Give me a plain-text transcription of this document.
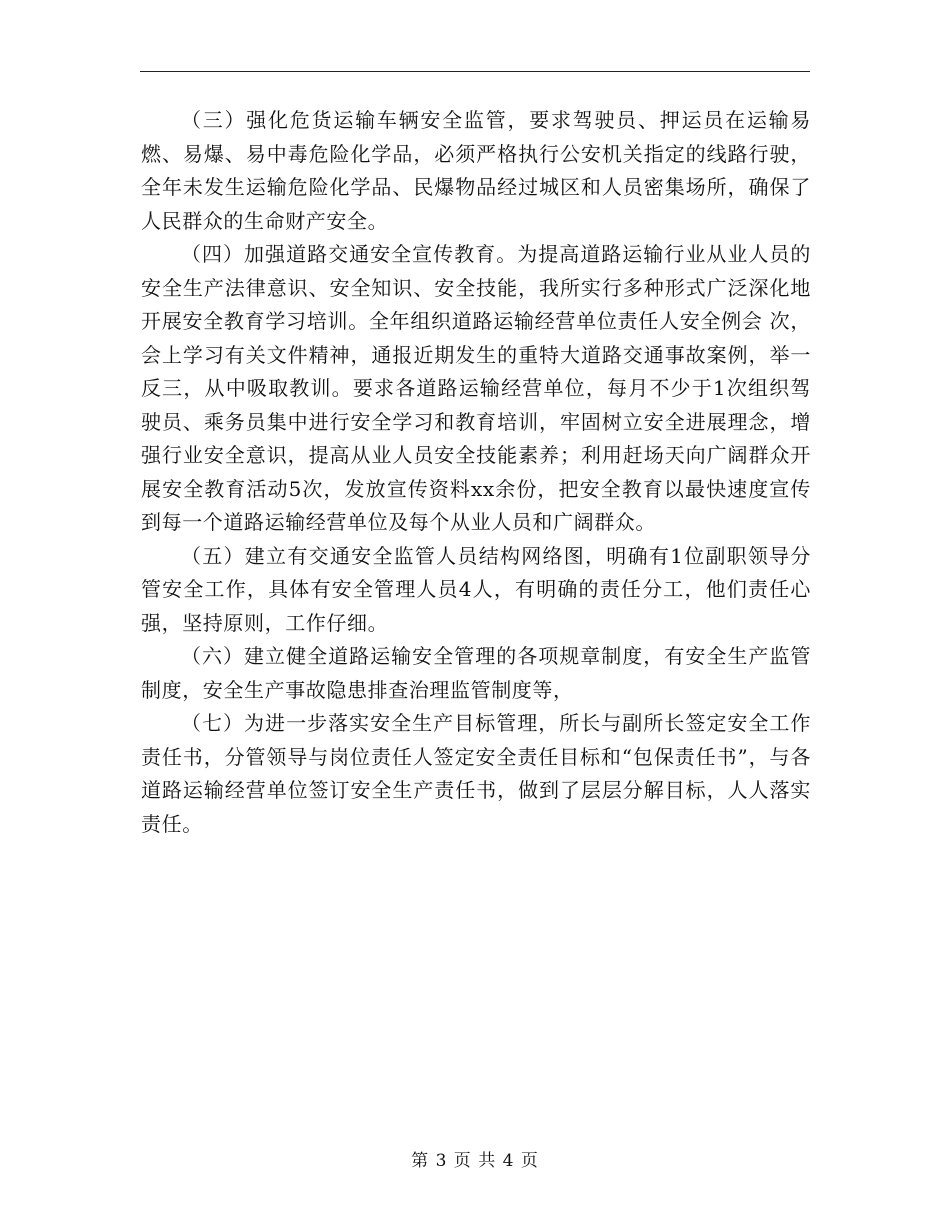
（三）强化危货运输车辆安全监管，要求驾驶员、押运员在运输易燃、易爆、易中毒危险化学品，必须严格执行公安机关指定的线路行驶，全年未发生运输危险化学品、民爆物品经过城区和人员密集场所，确保了人民群众的生命财产安全。

（四）加强道路交通安全宣传教育。为提高道路运输行业从业人员的安全生产法律意识、安全知识、安全技能，我所实行多种形式广泛深化地开展安全教育学习培训。全年组织道路运输经营单位责任人安全例会 次，会上学习有关文件精神，通报近期发生的重特大道路交通事故案例，举一反三，从中吸取教训。要求各道路运输经营单位，每月不少于1次组织驾驶员、乘务员集中进行安全学习和教育培训，牢固树立安全进展理念，增强行业安全意识，提高从业人员安全技能素养；利用赶场天向广阔群众开展安全教育活动5次，发放宣传资料xx余份，把安全教育以最快速度宣传到每一个道路运输经营单位及每个从业人员和广阔群众。

（五）建立有交通安全监管人员结构网络图，明确有1位副职领导分管安全工作，具体有安全管理人员4人，有明确的责任分工，他们责任心强，坚持原则，工作仔细。

（六）建立健全道路运输安全管理的各项规章制度，有安全生产监管制度，安全生产事故隐患排查治理监管制度等，

（七）为进一步落实安全生产目标管理，所长与副所长签定安全工作责任书，分管领导与岗位责任人签定安全责任目标和“包保责任书”，与各道路运输经营单位签订安全生产责任书，做到了层层分解目标，人人落实责任。

第 3 页 共 4 页
